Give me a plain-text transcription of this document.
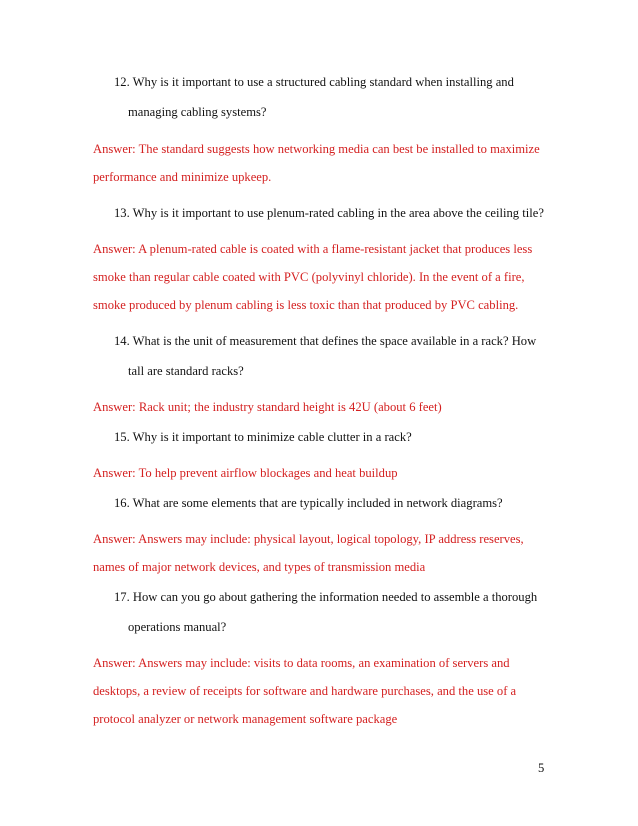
12. Why is it important to use a structured cabling standard when installing and
managing cabling systems?
Answer: The standard suggests how networking media can best be installed to maximize
performance and minimize upkeep.
13. Why is it important to use plenum-rated cabling in the area above the ceiling tile?
Answer: A plenum-rated cable is coated with a flame-resistant jacket that produces less
smoke than regular cable coated with PVC (polyvinyl chloride). In the event of a fire,
smoke produced by plenum cabling is less toxic than that produced by PVC cabling.
14. What is the unit of measurement that defines the space available in a rack? How
tall are standard racks?
Answer: Rack unit; the industry standard height is 42U (about 6 feet)
15. Why is it important to minimize cable clutter in a rack?
Answer: To help prevent airflow blockages and heat buildup
16. What are some elements that are typically included in network diagrams?
Answer: Answers may include: physical layout, logical topology, IP address reserves,
names of major network devices, and types of transmission media
17. How can you go about gathering the information needed to assemble a thorough
operations manual?
Answer: Answers may include: visits to data rooms, an examination of servers and
desktops, a review of receipts for software and hardware purchases, and the use of a
protocol analyzer or network management software package
5
